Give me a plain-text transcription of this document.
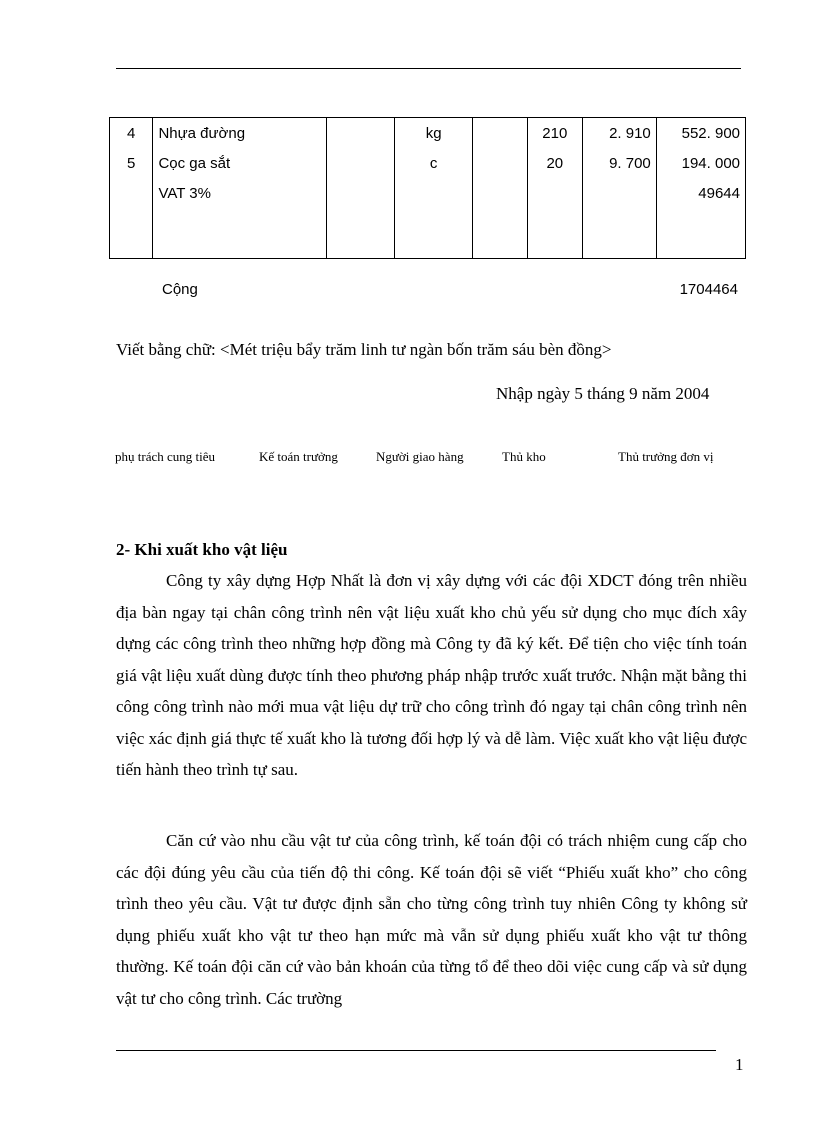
4	Nhựa đường		kg		210	2. 910	552. 900
5	Cọc ga sắt		c		20	9. 700	194. 000
	VAT 3%						49644

Cộng	1704464
Viết bằng chữ: <Mét triệu bẩy trăm linh tư ngàn bốn trăm sáu bèn đồng>
Nhập ngày 5 tháng 9 năm 2004
phụ trách cung tiêu	Kế toán trưởng	Người giao hàng	Thủ kho	Thủ trưởng đơn vị
2- Khi xuất kho vật liệu

Công ty xây dựng Hợp Nhất là đơn vị xây dựng với các đội XDCT đóng trên nhiều địa bàn ngay tại chân công trình nên vật liệu xuất kho chủ yếu sử dụng cho mục đích xây dựng các công trình theo những hợp đồng mà Công ty đã ký kết. Để tiện cho việc tính toán giá vật liệu xuất dùng được tính theo phương pháp nhập trước xuất trước. Nhận mặt bằng thi công công trình nào mới mua vật liệu dự trữ cho công trình đó ngay tại chân công trình nên việc xác định giá thực tế xuất kho là tương đối hợp lý và dễ làm. Việc xuất kho vật liệu được tiến hành theo trình tự sau.

Căn cứ vào nhu cầu vật tư của công trình, kế toán đội có trách nhiệm cung cấp cho các đội đúng yêu cầu của tiến độ thi công. Kế toán đội sẽ viết “Phiếu xuất kho” cho công trình theo yêu cầu. Vật tư được định sẵn cho từng công trình tuy nhiên Công ty không sử dụng phiếu xuất kho vật tư theo hạn mức mà vẫn sử dụng phiếu xuất kho vật tư thông thường. Kế toán đội căn cứ vào bản khoán của từng tổ để theo dõi việc cung cấp và sử dụng vật tư cho công trình. Các trường

1
